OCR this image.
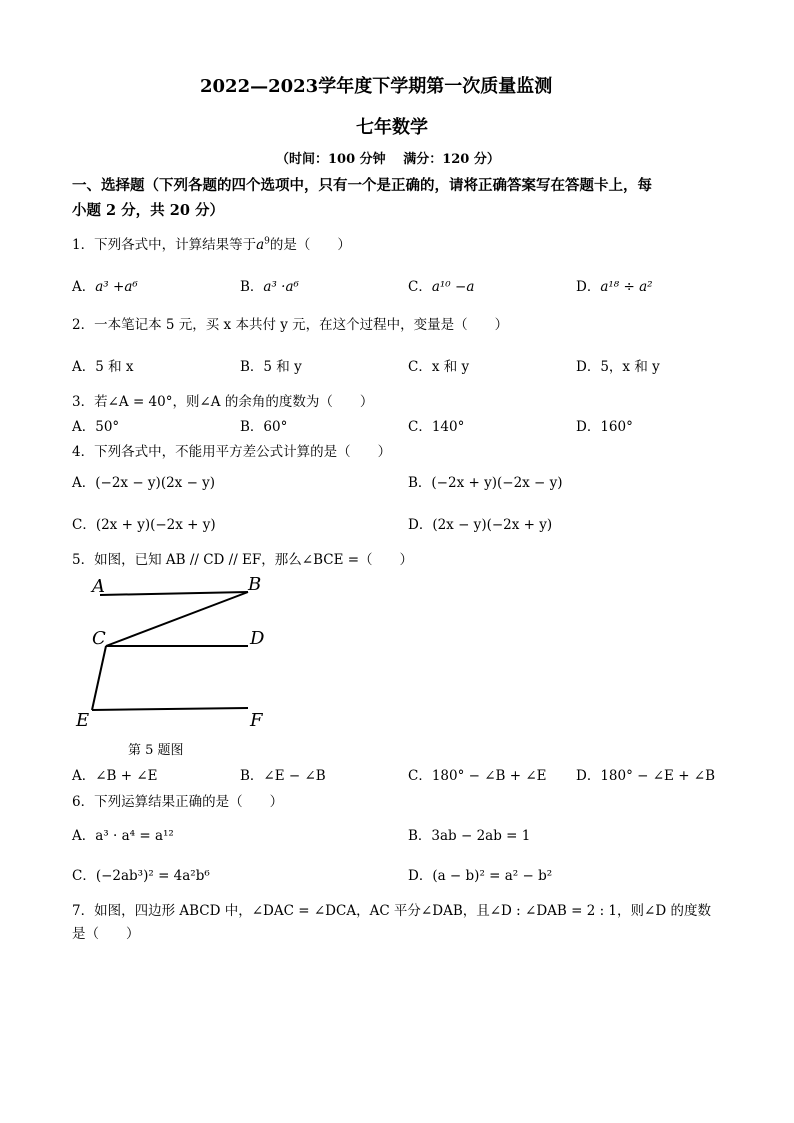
2022—2023学年度下学期第一次质量监测
七年数学
（时间：100 分钟　 满分：120 分）
一、选择题（下列各题的四个选项中，只有一个是正确的，请将正确答案写在答题卡上，每
小题 2 分，共 20 分）
1．下列各式中，计算结果等于$a^9$的是（　　）
A．a³ +a⁶	B．a³ ·a⁶	C．a¹⁰ −a	D．a¹⁸ ÷ a²
2．一本笔记本 5 元，买 x 本共付 y 元，在这个过程中，变量是（　　）
A．5 和 x	B．5 和 y	C．x 和 y	D．5，x 和 y
3．若∠A = 40°，则∠A 的余角的度数为（　　）
A．50°	B．60°	C．140°	D．160°
4．下列各式中，不能用平方差公式计算的是（　　）
A．(−2x − y)(2x − y)	B．(−2x + y)(−2x − y)
C．(2x + y)(−2x + y)	D．(2x − y)(−2x + y)
5．如图，已知 AB // CD // EF，那么∠BCE =（　　）
A	B
C	D
E	F
第 5 题图
A．∠B + ∠E	B．∠E − ∠B	C．180° − ∠B + ∠E D．180° − ∠E + ∠B
6．下列运算结果正确的是（　　）
A．a³ · a⁴ = a¹²	B．3ab − 2ab = 1
C．(−2ab³)² = 4a²b⁶	D．(a − b)² = a² − b²
7．如图，四边形 ABCD 中，∠DAC = ∠DCA，AC 平分∠DAB，且∠D : ∠DAB = 2 : 1，则∠D 的度数
是（　　）
